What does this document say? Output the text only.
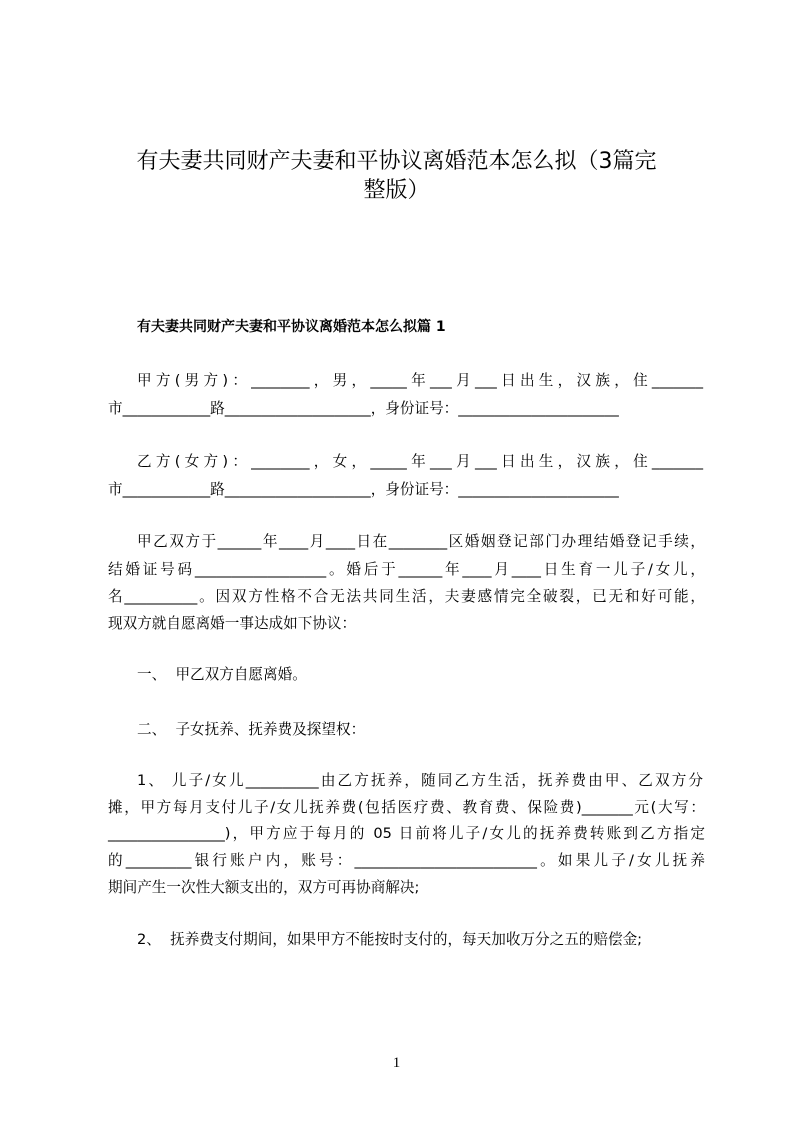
有夫妻共同财产夫妻和平协议离婚范本怎么拟（3篇完
整版）
有夫妻共同财产夫妻和平协议离婚范本怎么拟篇 1
甲方(男方)：________，男，_____年___月___日出生，汉族，住_______
市____________路____________________，身份证号：______________________
乙方(女方)：________，女，_____年___月___日出生，汉族，住_______
市____________路____________________，身份证号：______________________
甲乙双方于______年____月____日在________区婚姻登记部门办理结婚登记手续，
结婚证号码__________________。婚后于______年____月____日生育一儿子/女儿，
名__________。因双方性格不合无法共同生活，夫妻感情完全破裂，已无和好可能，
现双方就自愿离婚一事达成如下协议：
一、  甲乙双方自愿离婚。
二、  子女抚养、抚养费及探望权：
1、 儿子/女儿__________由乙方抚养，随同乙方生活，抚养费由甲、乙双方分
摊，甲方每月支付儿子/女儿抚养费(包括医疗费、教育费、保险费)_______元(大写：
________________)，甲方应于每月的 05 日前将儿子/女儿的抚养费转账到乙方指定
的_________银行账户内，账号：_________________________。如果儿子/女儿抚养
期间产生一次性大额支出的，双方可再协商解决;
2、  抚养费支付期间，如果甲方不能按时支付的，每天加收万分之五的赔偿金;
1
